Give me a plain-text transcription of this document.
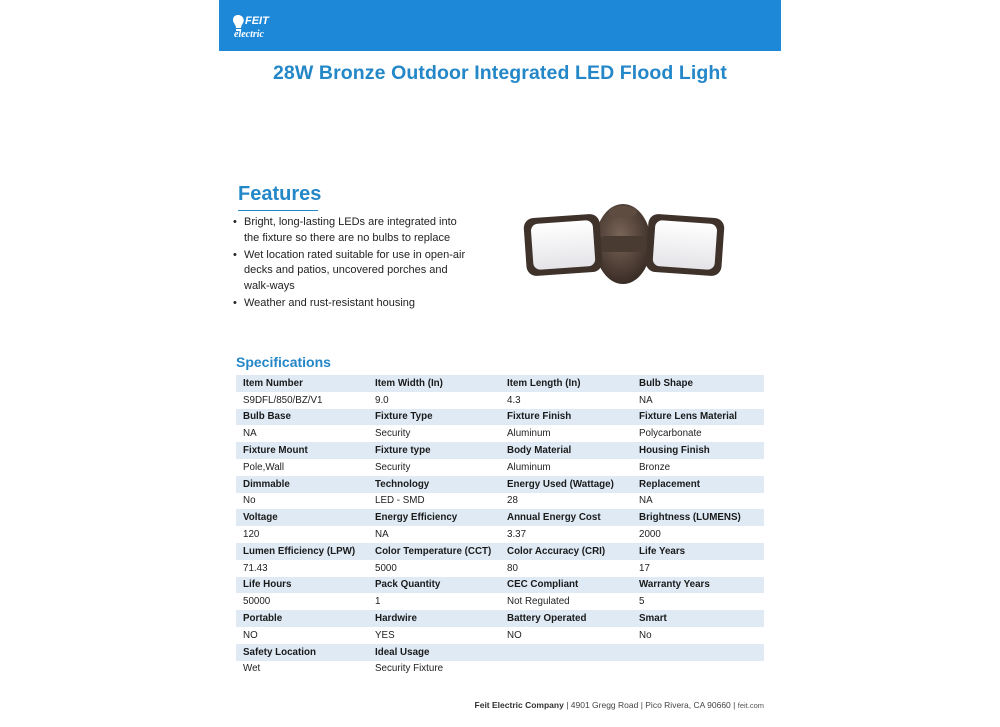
FEIT
electric
28W Bronze Outdoor Integrated LED Flood Light
Features
• Bright, long-lasting LEDs are integrated into the fixture so there are no bulbs to replace
• Wet location rated suitable for use in open-air decks and patios, uncovered porches and walk-ways
• Weather and rust-resistant housing
Specifications
Item Number	Item Width (In)	Item Length (In)	Bulb Shape
S9DFL/850/BZ/V1	9.0	4.3	NA
Bulb Base	Fixture Type	Fixture Finish	Fixture Lens Material
NA	Security	Aluminum	Polycarbonate
Fixture Mount	Fixture type	Body Material	Housing Finish
Pole,Wall	Security	Aluminum	Bronze
Dimmable	Technology	Energy Used (Wattage)	Replacement
No	LED - SMD	28	NA
Voltage	Energy Efficiency	Annual Energy Cost	Brightness (LUMENS)
120	NA	3.37	2000
Lumen Efficiency (LPW)	Color Temperature (CCT)	Color Accuracy (CRI)	Life Years
71.43	5000	80	17
Life Hours	Pack Quantity	CEC Compliant	Warranty Years
50000	1	Not Regulated	5
Portable	Hardwire	Battery Operated	Smart
NO	YES	NO	No
Safety Location	Ideal Usage		
Wet	Security Fixture		
Feit Electric Company | 4901 Gregg Road | Pico Rivera, CA 90660 | feit.com
